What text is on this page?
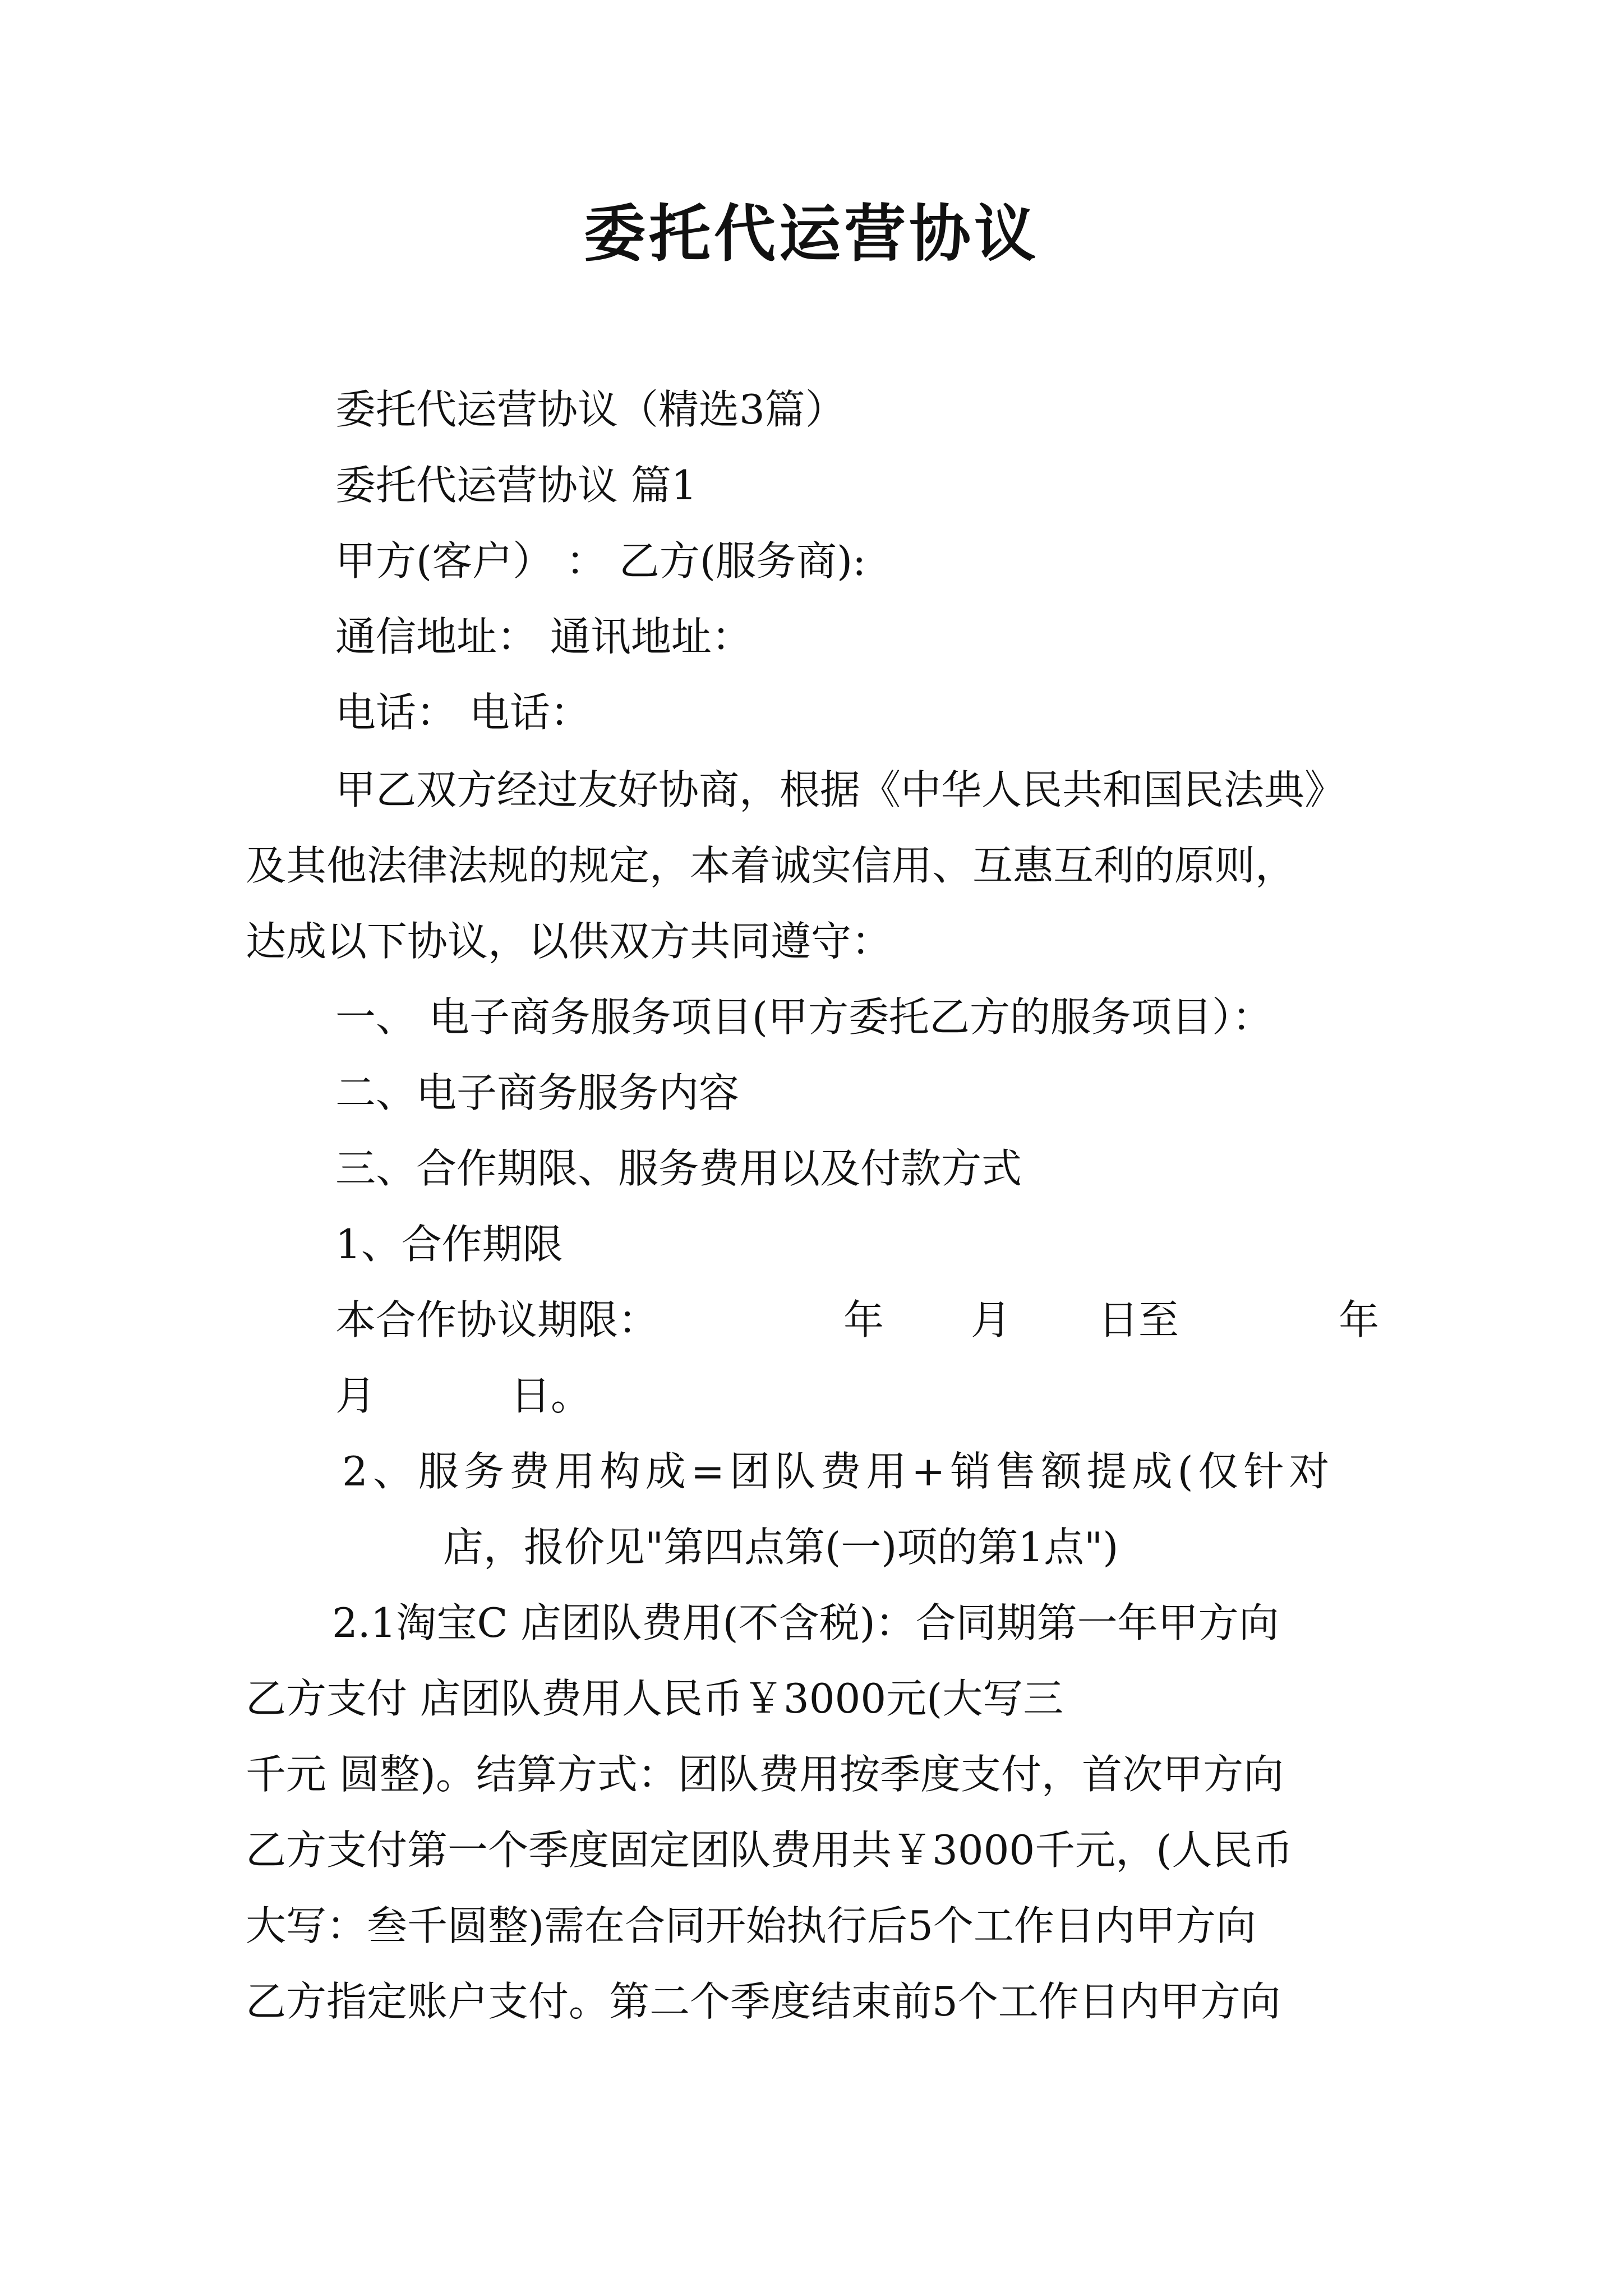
委托代运营协议
委托代运营协议（精选3篇）
委托代运营协议 篇1
甲方(客户） ： 乙方(服务商):
通信地址： 通讯地址：
电话： 电话：
甲乙双方经过友好协商，根据《中华人民共和国民法典》
及其他法律法规的规定，本着诚实信用、互惠互利的原则，
达成以下协议，以供双方共同遵守：
一、 电子商务服务项目(甲方委托乙方的服务项目）：
二、电子商务服务内容
三、合作期限、服务费用以及付款方式
1、合作期限
本合作协议期限：	年 月 日至	年
月	日。
2、服务费用构成=团队费用+销售额提成(仅针对
店，报价见"第四点第(一)项的第1点")
2.1淘宝C 店团队费用(不含税)：合同期第一年甲方向
乙方支付 店团队费用人民币￥3000元(大写三
千元 圆整)。结算方式：团队费用按季度支付，首次甲方向
乙方支付第一个季度固定团队费用共￥3000千元，(人民币
大写：叁千圆整)需在合同开始执行后5个工作日内甲方向
乙方指定账户支付。第二个季度结束前5个工作日内甲方向
